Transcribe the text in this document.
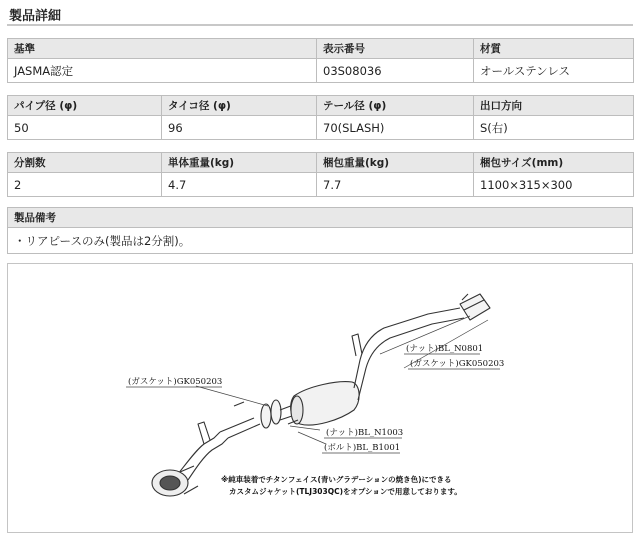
製品詳細
基準	表示番号	材質
JASMA認定	03S08036	オールステンレス
パイプ径 (φ)	タイコ径 (φ)	テール径 (φ)	出口方向
50	96	70(SLASH)	S(右)
分割数	単体重量(kg)	梱包重量(kg)	梱包サイズ(mm)
2	4.7	7.7	1100×315×300
製品備考
・リアピースのみ(製品は2分割)。
(ナット)BL_N0801
(ガスケット)GK050203
(ガスケット)GK050203
(ナット)BL_N1003
(ボルト)BL_B1001
※純車装着でチタンフェイス(青いグラデーションの焼き色)にできる
カスタムジャケット(TLJ303QC)をオプションで用意しております。
